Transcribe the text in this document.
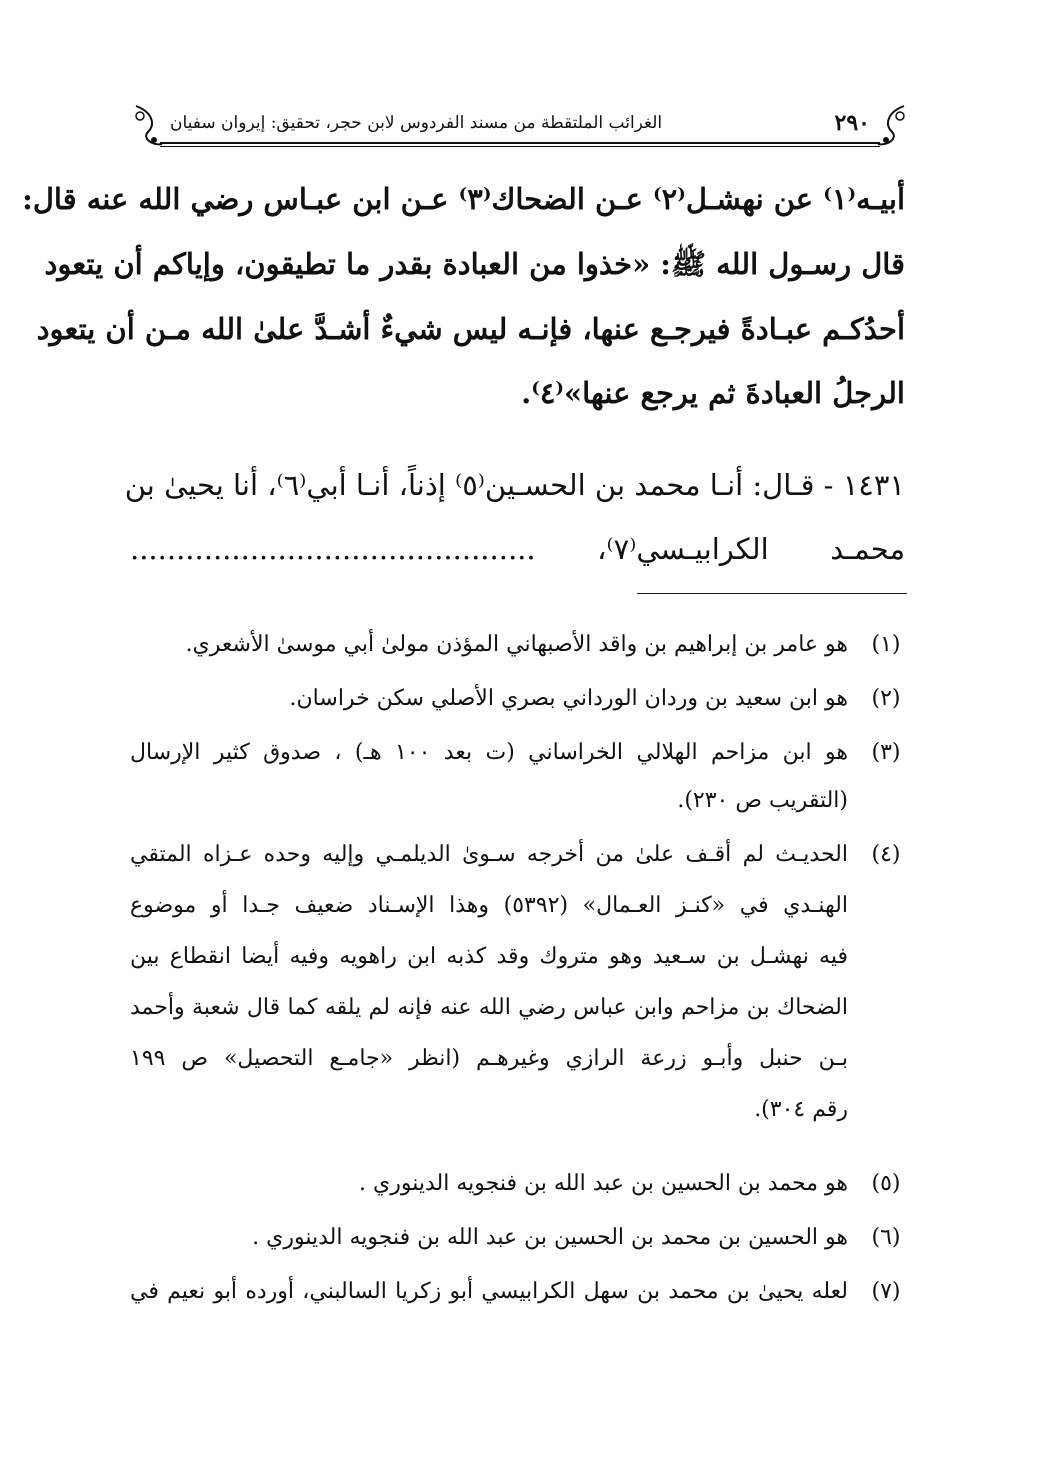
٢٩٠
الغرائب الملتقطة من مسند الفردوس لابن حجر، تحقيق: إيروان سفيان
أبيـه⁽١⁾ عن نهشـل⁽٢⁾ عـن الضحاك⁽٣⁾ عـن ابن عبـاس رضي الله عنه قال:
قال رسـول الله ﷺ: «خذوا من العبادة بقدر ما تطيقون، وإياكم أن يتعود
أحدُكـم عبـادةً فيرجـع عنها، فإنـه ليس شيءٌ أشـدَّ علىٰ الله مـن أن يتعود
الرجلُ العبادةَ ثم يرجع عنها»⁽٤⁾.
١٤٣١ - قـال: أنـا محمد بن الحسـين⁽٥⁾ إذناً، أنـا أبي⁽٦⁾، أنا يحيىٰ بن
محمـد الكرابيـسي⁽٧⁾، ............................................
(١)
هو عامر بن إبراهيم بن واقد الأصبهاني المؤذن مولىٰ أبي موسىٰ الأشعري.
(٢)
هو ابن سعيد بن وردان الورداني بصري الأصلي سكن خراسان.
(٣)
هو ابن مزاحم الهلالي الخراساني (ت بعد ١٠٠ هـ) ، صدوق كثير الإرسال
(التقريب ص ٢٣٠).
(٤)
الحديـث لم أقـف علىٰ من أخرجه سـوىٰ الديلمـي وإليه وحده عـزاه المتقي
الهنـدي في «كنـز العـمال» (٥٣٩٢) وهذا الإسـناد ضعيف جـدا أو موضوع
فيه نهشـل بن سـعيد وهو متروك وقد كذبه ابن راهويه وفيه أيضا انقطاع بين
الضحاك بن مزاحم وابن عباس رضي الله عنه فإنه لم يلقه كما قال شعبة وأحمد
بـن حنبل وأبـو زرعة الرازي وغيرهـم (انظر «جامـع التحصيل» ص ١٩٩
رقم ٣٠٤).
(٥)
هو محمد بن الحسين بن عبد الله بن فنجويه الدينوري .
(٦)
هو الحسين بن محمد بن الحسين بن عبد الله بن فنجويه الدينوري .
(٧)
لعله يحيىٰ بن محمد بن سهل الكرابيسي أبو زكريا السالبني، أورده أبو نعيم في
